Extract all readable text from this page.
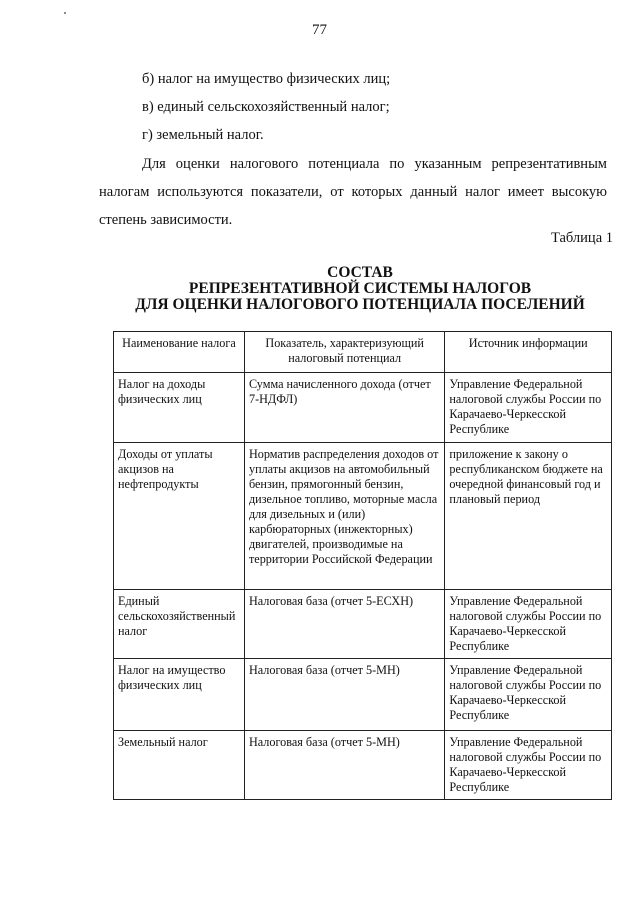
77
б) налог на имущество физических лиц;
в) единый сельскохозяйственный налог;
г) земельный налог.
Для оценки налогового потенциала по указанным репрезентативным
налогам используются показатели, от которых данный налог имеет высокую
степень зависимости.
Таблица 1
СОСТАВ
РЕПРЕЗЕНТАТИВНОЙ СИСТЕМЫ НАЛОГОВ
ДЛЯ ОЦЕНКИ НАЛОГОВОГО ПОТЕНЦИАЛА ПОСЕЛЕНИЙ
Наименование налога	Показатель, характеризующий налоговый потенциал	Источник информации
Налог на доходы физических лиц	Сумма начисленного дохода (отчет 7-НДФЛ)	Управление Федеральной налоговой службы России по Карачаево-Черкесской Республике
Доходы от уплаты акцизов на нефтепродукты	Норматив распределения доходов от уплаты акцизов на автомобильный бензин, прямогонный бензин, дизельное топливо, моторные масла для дизельных и (или) карбюраторных (инжекторных) двигателей, производимые на территории Российской Федерации	приложение к закону о республиканском бюджете на очередной финансовый год и плановый период
Единый сельскохозяйственный налог	Налоговая база (отчет 5-ЕСХН)	Управление Федеральной налоговой службы России по Карачаево-Черкесской Республике
Налог на имущество физических лиц	Налоговая база (отчет 5-МН)	Управление Федеральной налоговой службы России по Карачаево-Черкесской Республике
Земельный налог	Налоговая база (отчет 5-МН)	Управление Федеральной налоговой службы России по Карачаево-Черкесской Республике
